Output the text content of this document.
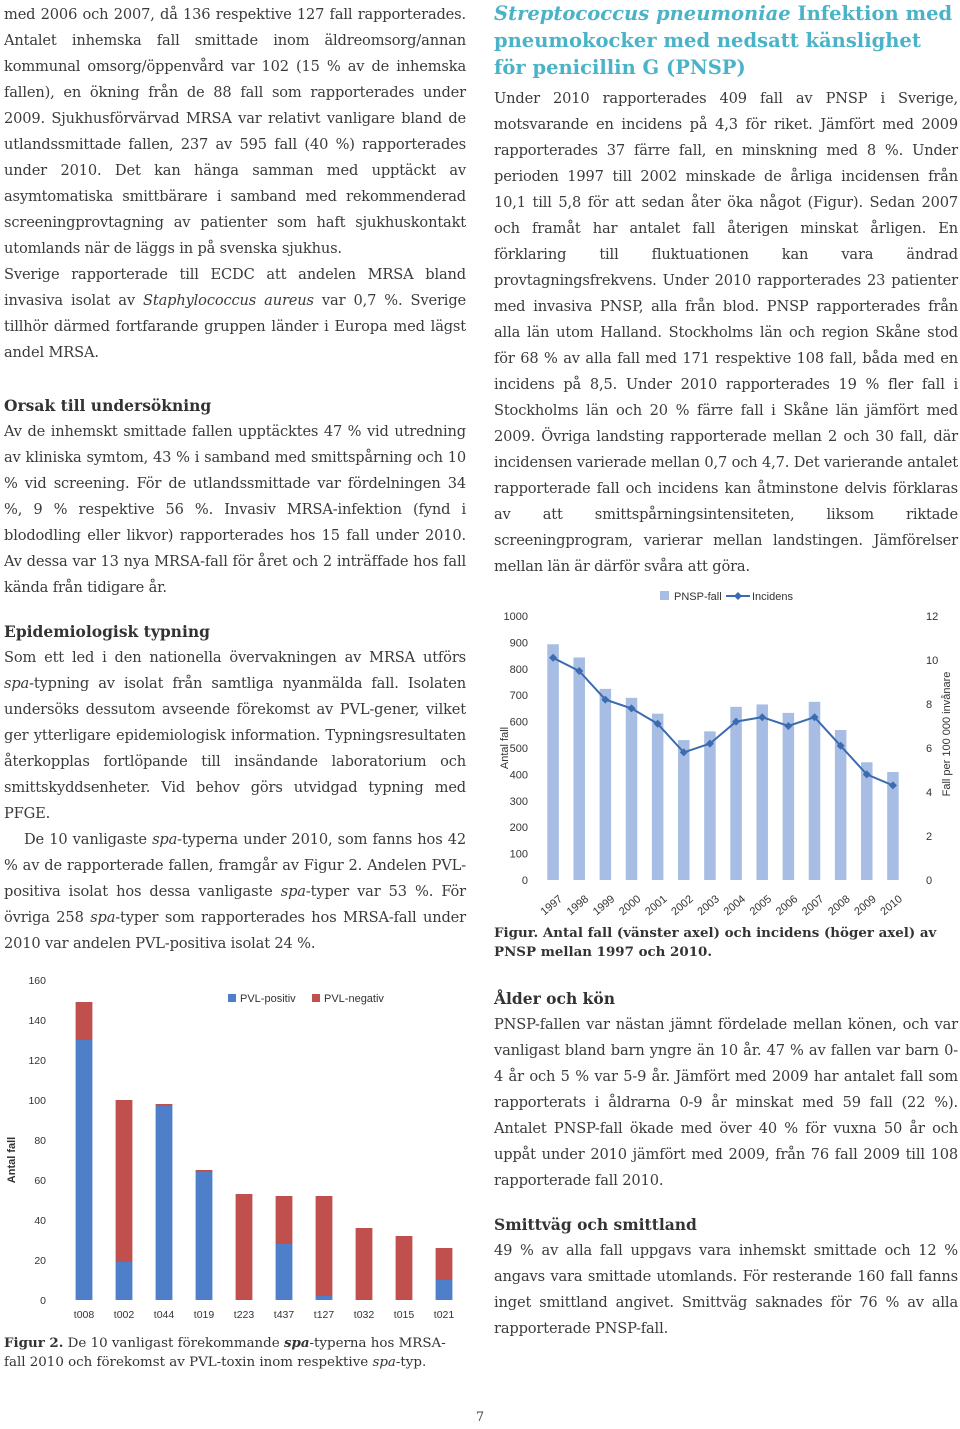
med 2006 och 2007, då 136 respektive 127 fall rapporterades. Antalet inhemska fall smittade inom äldreomsorg/annan kommunal omsorg/öppenvård var 102 (15 % av de inhemska fallen), en ökning från de 88 fall som rapporterades under 2009. Sjukhusförvärvad MRSA var relativt vanligare bland de utlandssmittade fallen, 237 av 595 fall (40 %) rapporterades under 2010. Det kan hänga samman med upptäckt av asymtomatiska smittbärare i samband med rekommenderad screeningprovtagning av patienter som haft sjukhuskontakt utomlands när de läggs in på svenska sjukhus.

Sverige rapporterade till ECDC att andelen MRSA bland invasiva isolat av Staphylococcus aureus var 0,7 %. Sverige tillhör därmed fortfarande gruppen länder i Europa med lägst andel MRSA.

Orsak till undersökning

Av de inhemskt smittade fallen upptäcktes 47 % vid utredning av kliniska symtom, 43 % i samband med smittspårning och 10 % vid screening. För de utlandssmittade var fördelningen 34 %, 9 % respektive 56 %. Invasiv MRSA-infektion (fynd i blododling eller likvor) rapporterades hos 15 fall under 2010. Av dessa var 13 nya MRSA-fall för året och 2 inträffade hos fall kända från tidigare år.

Epidemiologisk typning

Som ett led i den nationella övervakningen av MRSA utförs spa-typning av isolat från samtliga nyanmälda fall. Isolaten undersöks dessutom avseende förekomst av PVL-gener, vilket ger ytterligare epidemiologisk information. Typningsresultaten återkopplas fortlöpande till insändande laboratorium och smittskyddsenheter. Vid behov görs utvidgad typning med PFGE.

De 10 vanligaste spa-typerna under 2010, som fanns hos 42 % av de rapporterade fallen, framgår av Figur 2. Andelen PVL-positiva isolat hos dessa vanligaste spa-typer var 53 %. För övriga 258 spa-typer som rapporterades hos MRSA-fall under 2010 var andelen PVL-positiva isolat 24 %.

0
20
40
60
80
100
120
140
160
Antal fall
PVL-positiv	PVL-negativ
t008 t002 t044 t019 t223 t437 t127 t032 t015 t021

Figur 2. De 10 vanligast förekommande spa-typerna hos MRSA-fall 2010 och förekomst av PVL-toxin inom respektive spa-typ.

Streptococcus pneumoniae Infektion med pneumokocker med nedsatt känslighet för penicillin G (PNSP)

Under 2010 rapporterades 409 fall av PNSP i Sverige, motsvarande en incidens på 4,3 för riket. Jämfört med 2009 rapporterades 37 färre fall, en minskning med 8 %. Under perioden 1997 till 2002 minskade de årliga incidensen från 10,1 till 5,8 för att sedan åter öka något (Figur). Sedan 2007 och framåt har antalet fall återigen minskat årligen. En förklaring till fluktuationen kan vara ändrad provtagningsfrekvens. Under 2010 rapporterades 23 patienter med invasiva PNSP, alla från blod. PNSP rapporterades från alla län utom Halland. Stockholms län och region Skåne stod för 68 % av alla fall med 171 respektive 108 fall, båda med en incidens på 8,5. Under 2010 rapporterades 19 % fler fall i Stockholms län och 20 % färre fall i Skåne län jämfört med 2009. Övriga landsting rapporterade mellan 2 och 30 fall, där incidensen varierade mellan 0,7 och 4,7. Det varierande antalet rapporterade fall och incidens kan åtminstone delvis förklaras av att smittspårningsintensiteten, liksom riktade screeningprogram, varierar mellan landstingen. Jämförelser mellan län är därför svåra att göra.

PNSP-fall	Incidens
0
100
200
300
400
500
600
700
800
900
1000
0
2
4
6
8
10
12
Antal fall	Fall per 100 000 invånare
1997 1998 1999 2000 2001 2002 2003 2004 2005 2006 2007 2008 2009 2010

Figur. Antal fall (vänster axel) och incidens (höger axel) av PNSP mellan 1997 och 2010.

Ålder och kön

PNSP-fallen var nästan jämnt fördelade mellan könen, och var vanligast bland barn yngre än 10 år. 47 % av fallen var barn 0-4 år och 5 % var 5-9 år. Jämfört med 2009 har antalet fall som rapporterats i åldrarna 0-9 år minskat med 59 fall (22 %). Antalet PNSP-fall ökade med över 40 % för vuxna 50 år och uppåt under 2010 jämfört med 2009, från 76 fall 2009 till 108 rapporterade fall 2010.

Smittväg och smittland

49 % av alla fall uppgavs vara inhemskt smittade och 12 % angavs vara smittade utomlands. För resterande 160 fall fanns inget smittland angivet. Smittväg saknades för 76 % av alla rapporterade PNSP-fall.

7
